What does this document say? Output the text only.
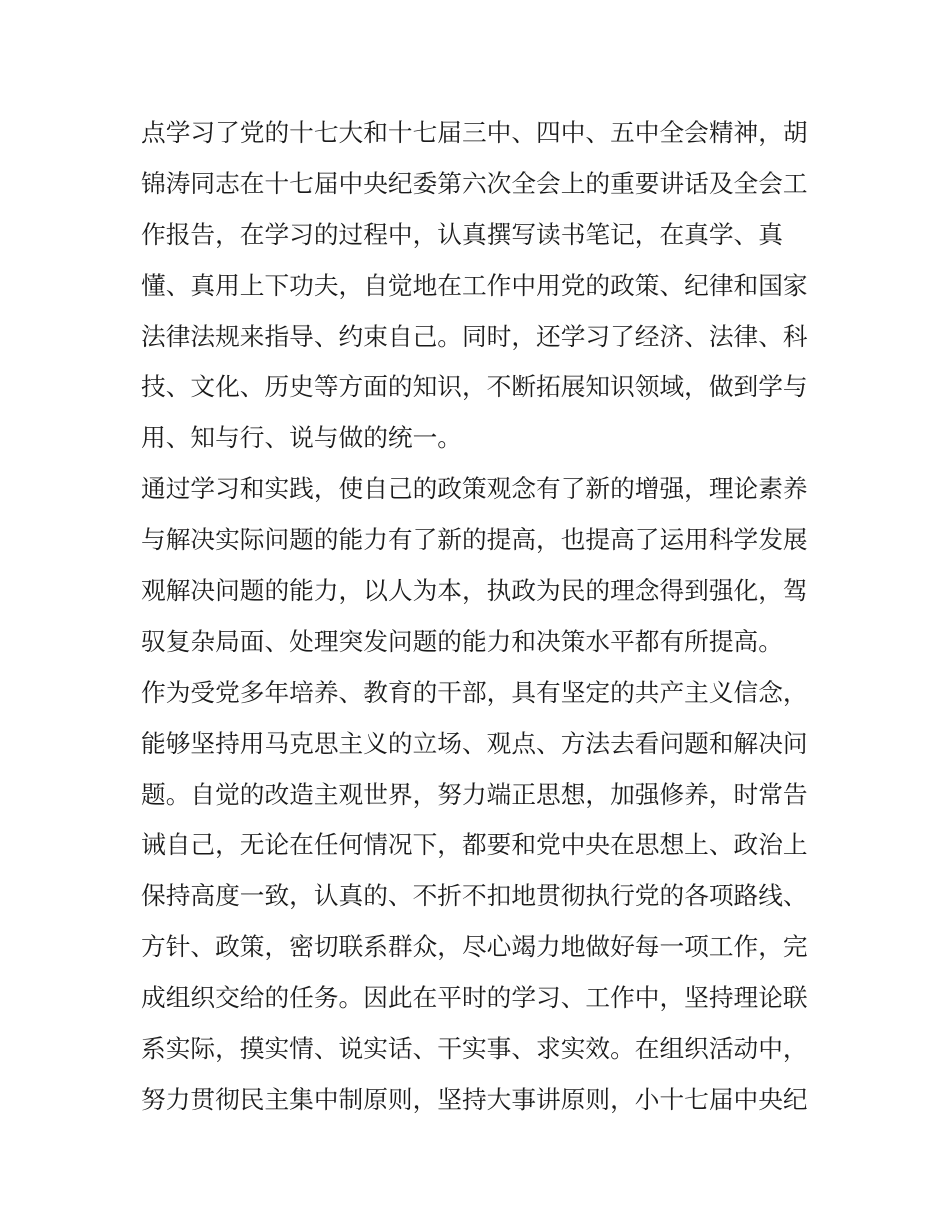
点学习了党的十七大和十七届三中、四中、五中全会精神，胡
锦涛同志在十七届中央纪委第六次全会上的重要讲话及全会工
作报告，在学习的过程中，认真撰写读书笔记，在真学、真
懂、真用上下功夫，自觉地在工作中用党的政策、纪律和国家
法律法规来指导、约束自己。同时，还学习了经济、法律、科
技、文化、历史等方面的知识，不断拓展知识领域，做到学与
用、知与行、说与做的统一。
通过学习和实践，使自己的政策观念有了新的增强，理论素养
与解决实际问题的能力有了新的提高，也提高了运用科学发展
观解决问题的能力，以人为本，执政为民的理念得到强化，驾
驭复杂局面、处理突发问题的能力和决策水平都有所提高。
作为受党多年培养、教育的干部，具有坚定的共产主义信念，
能够坚持用马克思主义的立场、观点、方法去看问题和解决问
题。自觉的改造主观世界，努力端正思想，加强修养，时常告
诫自己，无论在任何情况下，都要和党中央在思想上、政治上
保持高度一致，认真的、不折不扣地贯彻执行党的各项路线、
方针、政策，密切联系群众，尽心竭力地做好每一项工作，完
成组织交给的任务。因此在平时的学习、工作中，坚持理论联
系实际，摸实情、说实话、干实事、求实效。在组织活动中，
努力贯彻民主集中制原则，坚持大事讲原则，小十七届中央纪
